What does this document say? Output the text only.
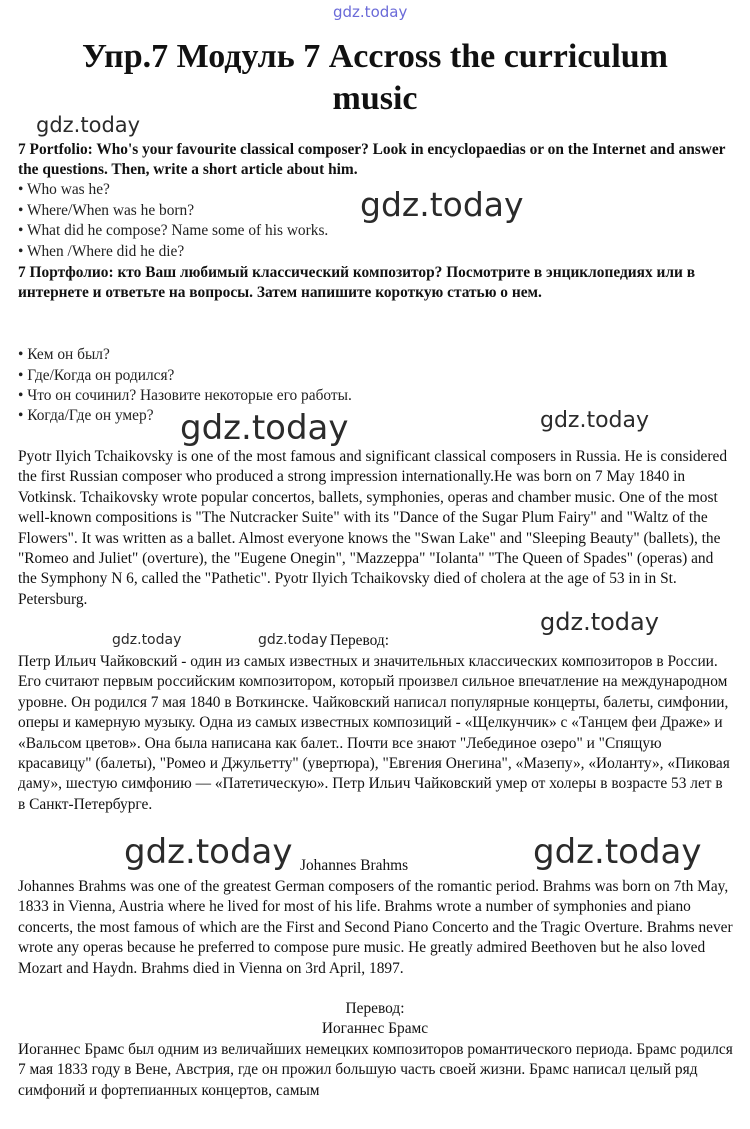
gdz.today
gdz.today
gdz.today
gdz.today	gdz.today
gdz.today
gdz.today	gdz.today
gdz.today	gdz.today
Упр.7 Модуль 7 Accross the curriculum
music

7 Portfolio: Who's your favourite classical composer? Look in encyclopaedias or on the Internet and answer the questions. Then, write a short article about him.

• Who was he?
• Where/When was he born?
• What did he compose? Name some of his works.
• When /Where did he die?

7 Портфолио: кто Ваш любимый классический композитор? Посмотрите в энциклопедиях или в интернете и ответьте на вопросы. Затем напишите короткую статью о нем.

• Кем он был?
• Где/Когда он родился?
• Что он сочинил? Назовите некоторые его работы.
• Когда/Где он умер?

Pyotr Ilyich Tchaikovsky is one of the most famous and significant classical composers in Russia. He is considered the first Russian composer who produced a strong impression internationally.He was born on 7 May 1840 in Votkinsk. Tchaikovsky wrote popular concertos, ballets, symphonies, operas and chamber music. One of the most well-known compositions is "The Nutcracker Suite" with its "Dance of the Sugar Plum Fairy" and "Waltz of the Flowers". It was written as a ballet. Almost everyone knows the "Swan Lake" and "Sleeping Beauty" (ballets), the "Romeo and Juliet" (overture), the "Eugene Onegin", "Mazzeppa" "Iolanta" "The Queen of Spades" (operas) and the Symphony N 6, called the "Pathetic". Pyotr Ilyich Tchaikovsky died of cholera at the age of 53 in in St. Petersburg.

Перевод:

Петр Ильич Чайковский - один из самых известных и значительных классических композиторов в России. Его считают первым российским композитором, который произвел сильное впечатление на международном уровне. Он родился 7 мая 1840 в Воткинске. Чайковский написал популярные концерты, балеты, симфонии, оперы и камерную музыку. Одна из самых известных композиций - «Щелкунчик» с «Танцем феи Драже» и «Вальсом цветов». Она была написана как балет.. Почти все знают "Лебединое озеро" и "Спящую красавицу" (балеты), "Ромео и Джульетту" (увертюра), "Евгения Онегина", «Мазепу», «Иоланту», «Пиковая даму», шестую симфонию — «Патетическую». Петр Ильич Чайковский умер от холеры в возрасте 53 лет в в Санкт-Петербурге.

Johannes Brahms

Johannes Brahms was one of the greatest German composers of the romantic period. Brahms was born on 7th May, 1833 in Vienna, Austria where he lived for most of his life. Brahms wrote a number of symphonies and piano concerts, the most famous of which are the First and Second Piano Concerto and the Tragic Overture. Brahms never wrote any operas because he preferred to compose pure music. He greatly admired Beethoven but he also loved Mozart and Haydn. Brahms died in Vienna on 3rd April, 1897.

Перевод:
Иоганнес Брамс

Иоганнес Брамс был одним из величайших немецких композиторов романтического периода. Брамс родился 7 мая 1833 году в Вене, Австрия, где он прожил большую часть своей жизни. Брамс написал целый ряд симфоний и фортепианных концертов, самым
